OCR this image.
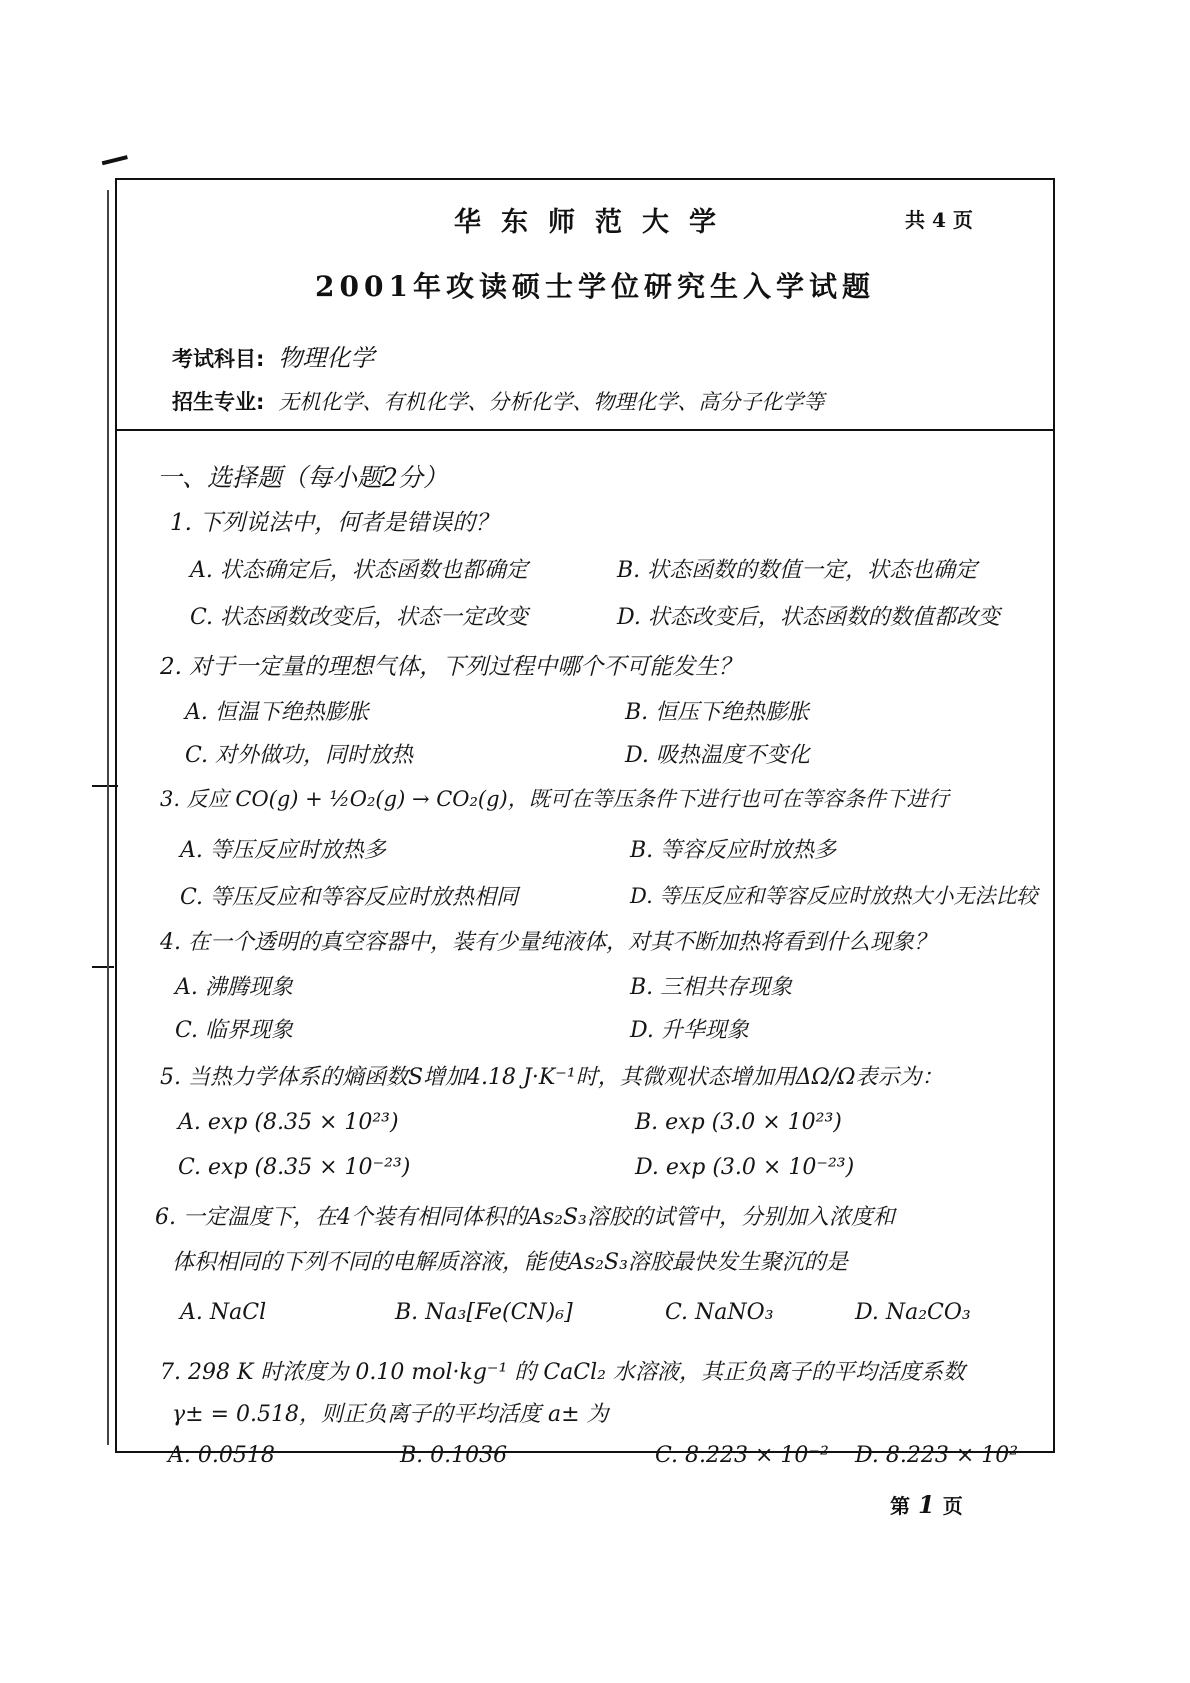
华东师范大学	共 4 页
2001年攻读硕士学位研究生入学试题
考试科目: 物理化学
招生专业: 无机化学、有机化学、分析化学、物理化学、高分子化学等
一、选择题（每小题2分）
1. 下列说法中，何者是错误的？
A. 状态确定后，状态函数也都确定	B. 状态函数的数值一定，状态也确定
C. 状态函数改变后，状态一定改变	D. 状态改变后，状态函数的数值都改变
2. 对于一定量的理想气体，下列过程中哪个不可能发生？
A. 恒温下绝热膨胀	B. 恒压下绝热膨胀
C. 对外做功，同时放热	D. 吸热温度不变化
3. 反应 CO(g) + ½O₂(g) → CO₂(g)，既可在等压条件下进行也可在等容条件下进行
A. 等压反应时放热多	B. 等容反应时放热多
C. 等压反应和等容反应时放热相同	D. 等压反应和等容反应时放热大小无法比较
4. 在一个透明的真空容器中，装有少量纯液体，对其不断加热将看到什么现象？
A. 沸腾现象	B. 三相共存现象
C. 临界现象	D. 升华现象
5. 当热力学体系的熵函数S增加4.18 J·K⁻¹时，其微观状态增加用ΔΩ/Ω表示为：
A. exp (8.35 × 10²³)	B. exp (3.0 × 10²³)
C. exp (8.35 × 10⁻²³)	D. exp (3.0 × 10⁻²³)
6. 一定温度下，在4个装有相同体积的As₂S₃溶胶的试管中，分别加入浓度和
体积相同的下列不同的电解质溶液，能使As₂S₃溶胶最快发生聚沉的是
A. NaCl	B. Na₃[Fe(CN)₆]	C. NaNO₃	D. Na₂CO₃
7. 298 K 时浓度为 0.10 mol·kg⁻¹ 的 CaCl₂ 水溶液，其正负离子的平均活度系数
γ± = 0.518，则正负离子的平均活度 a± 为
A. 0.0518	B. 0.1036	C. 8.223 × 10⁻² D. 8.223 × 10²
第 1 页
